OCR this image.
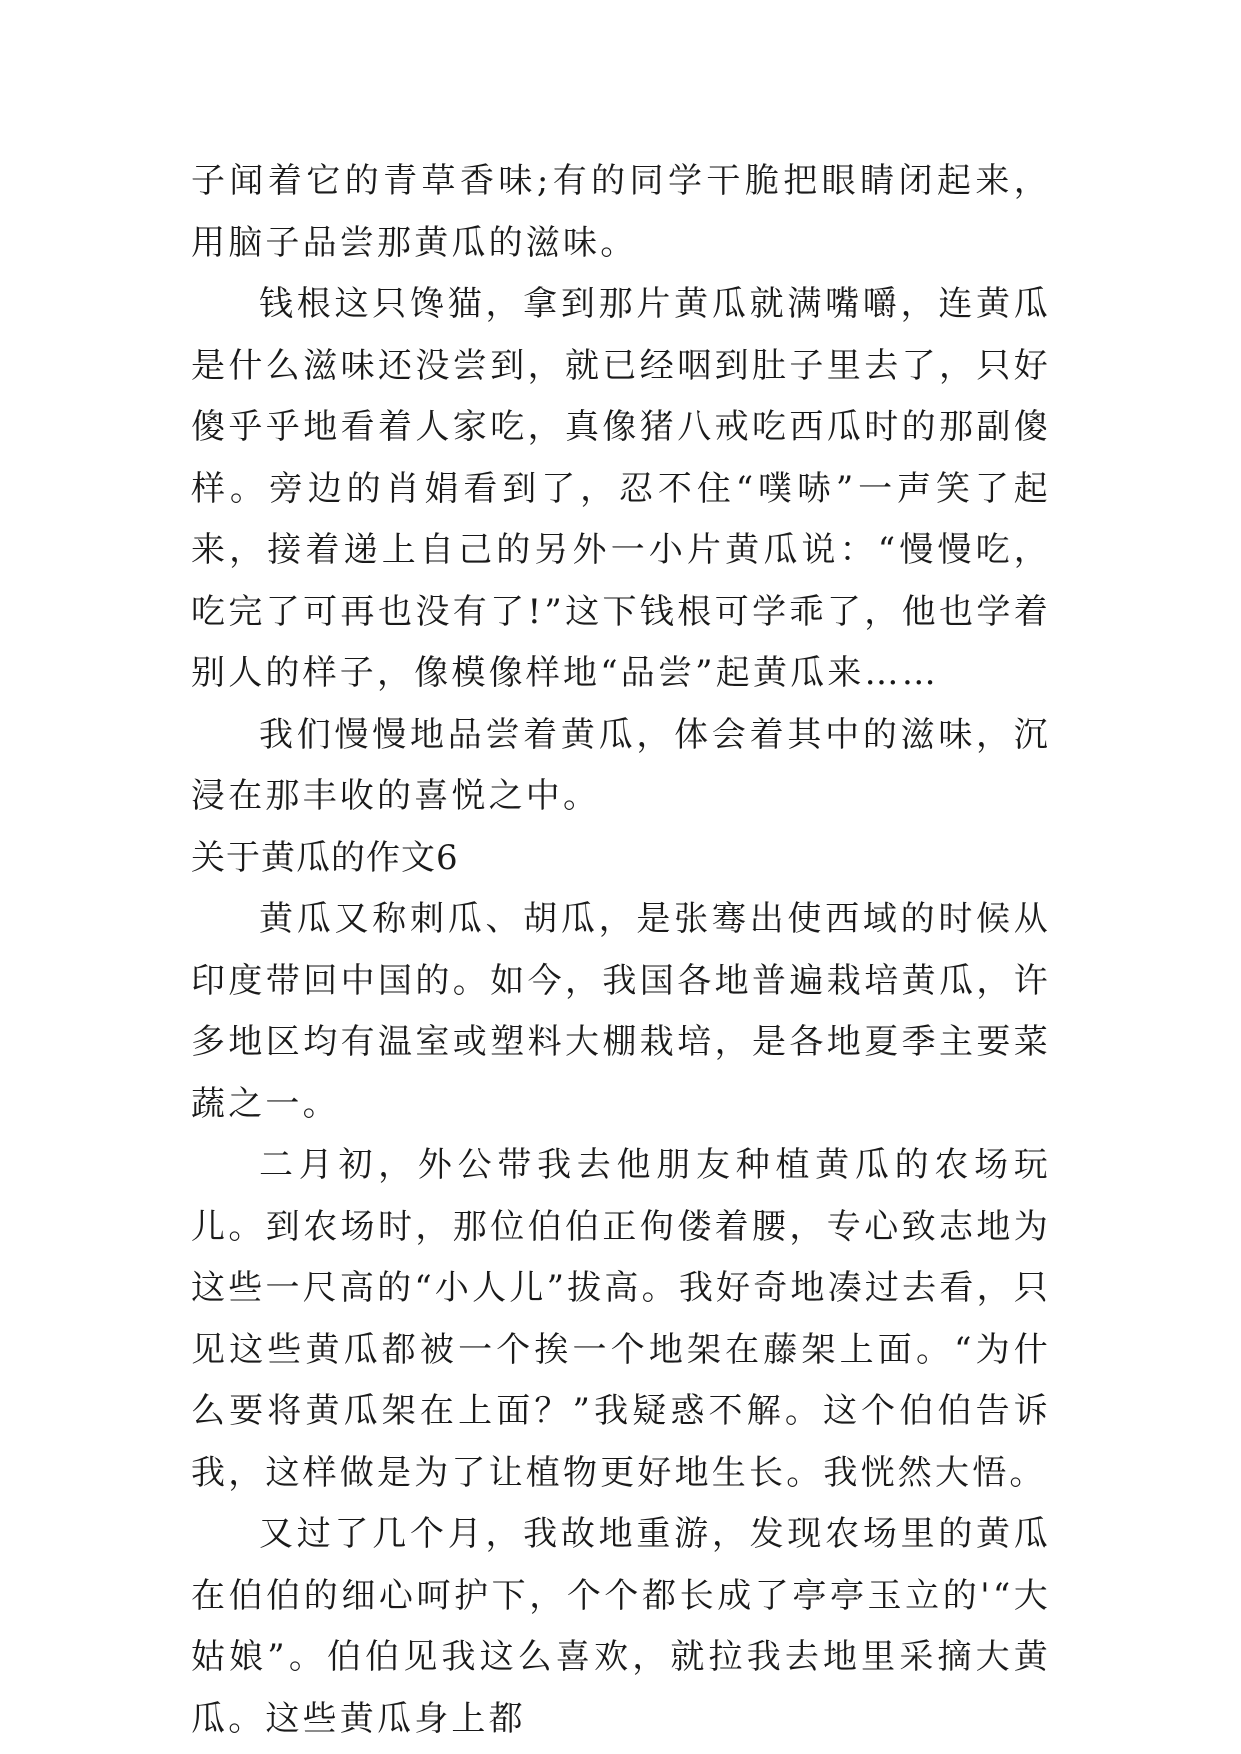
子闻着它的青草香味;有的同学干脆把眼睛闭起来，用脑子品尝那黄瓜的滋味。

钱根这只馋猫，拿到那片黄瓜就满嘴嚼，连黄瓜是什么滋味还没尝到，就已经咽到肚子里去了，只好傻乎乎地看着人家吃，真像猪八戒吃西瓜时的那副傻样。旁边的肖娟看到了，忍不住“噗哧”一声笑了起来，接着递上自己的另外一小片黄瓜说：“慢慢吃，吃完了可再也没有了!”这下钱根可学乖了，他也学着别人的样子，像模像样地“品尝”起黄瓜来……

我们慢慢地品尝着黄瓜，体会着其中的滋味，沉浸在那丰收的喜悦之中。

关于黄瓜的作文6

黄瓜又称刺瓜、胡瓜，是张骞出使西域的时候从印度带回中国的。如今，我国各地普遍栽培黄瓜，许多地区均有温室或塑料大棚栽培，是各地夏季主要菜蔬之一。

二月初，外公带我去他朋友种植黄瓜的农场玩儿。到农场时，那位伯伯正佝偻着腰，专心致志地为这些一尺高的“小人儿”拔高。我好奇地凑过去看，只见这些黄瓜都被一个挨一个地架在藤架上面。“为什么要将黄瓜架在上面？”我疑惑不解。这个伯伯告诉我，这样做是为了让植物更好地生长。我恍然大悟。

又过了几个月，我故地重游，发现农场里的黄瓜在伯伯的细心呵护下，个个都长成了亭亭玉立的'“大姑娘”。伯伯见我这么喜欢，就拉我去地里采摘大黄瓜。这些黄瓜身上都
